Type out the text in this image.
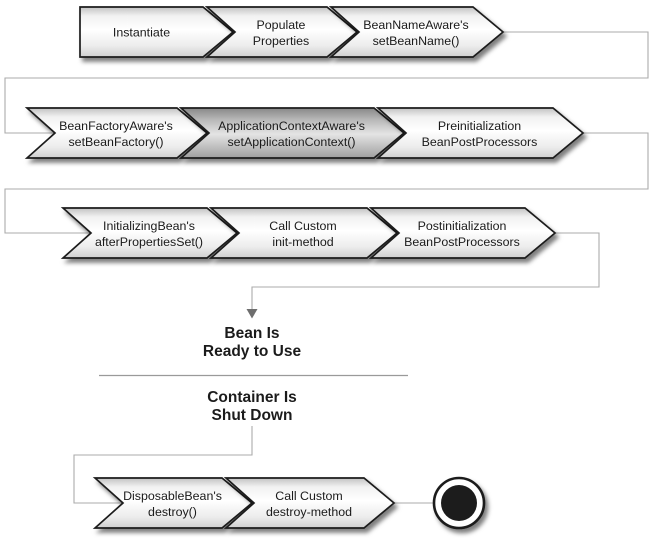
Instantiate
Populate
Properties
BeanNameAware's
setBeanName()
BeanFactoryAware's
setBeanFactory()
ApplicationContextAware's
setApplicationContext()
Preinitialization
BeanPostProcessors
InitializingBean's
afterPropertiesSet()
Call Custom
init-method
Postinitialization
BeanPostProcessors
DisposableBean's
destroy()
Call Custom
destroy-method
Bean Is
Ready to Use
Container Is
Shut Down
